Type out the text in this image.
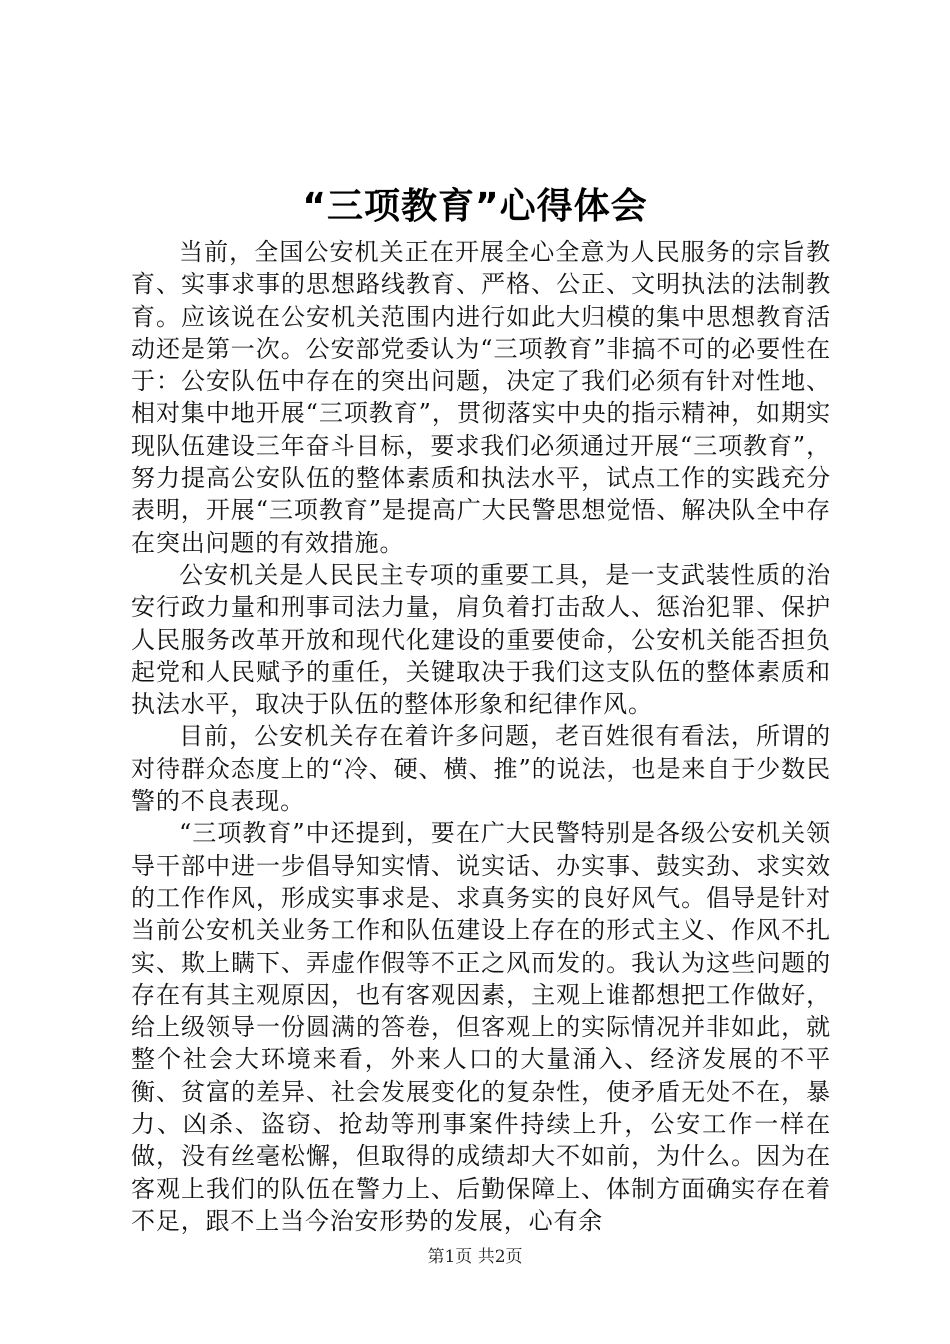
“三项教育”心得体会

当前，全国公安机关正在开展全心全意为人民服务的宗旨教育、实事求事的思想路线教育、严格、公正、文明执法的法制教育。应该说在公安机关范围内进行如此大归模的集中思想教育活动还是第一次。公安部党委认为“三项教育”非搞不可的必要性在于：公安队伍中存在的突出问题，决定了我们必须有针对性地、相对集中地开展“三项教育”，贯彻落实中央的指示精神，如期实现队伍建设三年奋斗目标，要求我们必须通过开展“三项教育”，努力提高公安队伍的整体素质和执法水平，试点工作的实践充分表明，开展“三项教育”是提高广大民警思想觉悟、解决队全中存在突出问题的有效措施。

公安机关是人民民主专项的重要工具，是一支武装性质的治安行政力量和刑事司法力量，肩负着打击敌人、惩治犯罪、保护人民服务改革开放和现代化建设的重要使命，公安机关能否担负起党和人民赋予的重任，关键取决于我们这支队伍的整体素质和执法水平，取决于队伍的整体形象和纪律作风。

目前，公安机关存在着许多问题，老百姓很有看法，所谓的对待群众态度上的“冷、硬、横、推”的说法，也是来自于少数民警的不良表现。

“三项教育”中还提到，要在广大民警特别是各级公安机关领导干部中进一步倡导知实情、说实话、办实事、鼓实劲、求实效的工作作风，形成实事求是、求真务实的良好风气。倡导是针对当前公安机关业务工作和队伍建设上存在的形式主义、作风不扎实、欺上瞒下、弄虚作假等不正之风而发的。我认为这些问题的存在有其主观原因，也有客观因素，主观上谁都想把工作做好，给上级领导一份圆满的答卷，但客观上的实际情况并非如此，就整个社会大环境来看，外来人口的大量涌入、经济发展的不平衡、贫富的差异、社会发展变化的复杂性，使矛盾无处不在，暴力、凶杀、盗窃、抢劫等刑事案件持续上升，公安工作一样在做，没有丝毫松懈，但取得的成绩却大不如前，为什么。因为在客观上我们的队伍在警力上、后勤保障上、体制方面确实存在着不足，跟不上当今治安形势的发展，心有余

第1页 共2页
